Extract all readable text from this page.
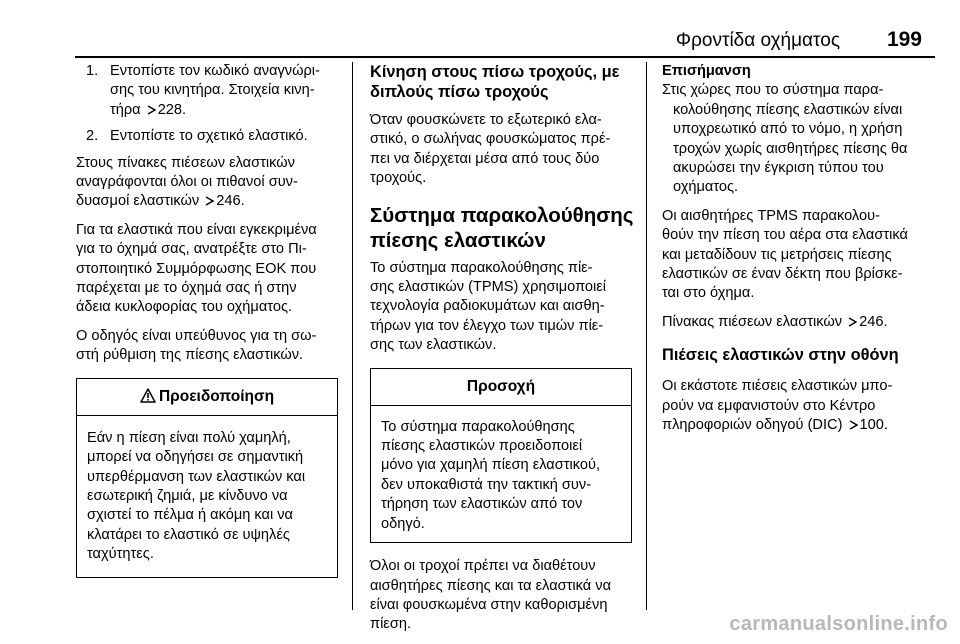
Φροντίδα οχήματος 199
1. Εντοπίστε τον κωδικό αναγνώρι-
σης του κινητήρα. Στοιχεία κινη-
τήρα 228.
2. Εντοπίστε το σχετικό ελαστικό.

Στους πίνακες πιέσεων ελαστικών
αναγράφονται όλοι οι πιθανοί συν-
δυασμοί ελαστικών 246.

Για τα ελαστικά που είναι εγκεκριμένα
για το όχημά σας, ανατρέξτε στο Πι-
στοποιητικό Συμμόρφωσης ΕΟΚ που
παρέχεται με το όχημά σας ή στην
άδεια κυκλοφορίας του οχήματος.

Ο οδηγός είναι υπεύθυνος για τη σω-
στή ρύθμιση της πίεσης ελαστικών.

Προειδοποίηση
Εάν η πίεση είναι πολύ χαμηλή,
μπορεί να οδηγήσει σε σημαντική
υπερθέρμανση των ελαστικών και
εσωτερική ζημιά, με κίνδυνο να
σχιστεί το πέλμα ή ακόμη και να
κλατάρει το ελαστικό σε υψηλές
ταχύτητες.
Κίνηση στους πίσω τροχούς, με
διπλούς πίσω τροχούς

Όταν φουσκώνετε το εξωτερικό ελα-
στικό, ο σωλήνας φουσκώματος πρέ-
πει να διέρχεται μέσα από τους δύο
τροχούς.

Σύστημα παρακολούθησης
πίεσης ελαστικών

Το σύστημα παρακολούθησης πίε-
σης ελαστικών (TPMS) χρησιμοποιεί
τεχνολογία ραδιοκυμάτων και αισθη-
τήρων για τον έλεγχο των τιμών πίε-
σης των ελαστικών.

Προσοχή
Το σύστημα παρακολούθησης
πίεσης ελαστικών προειδοποιεί
μόνο για χαμηλή πίεση ελαστικού,
δεν υποκαθιστά την τακτική συν-
τήρηση των ελαστικών από τον
οδηγό.

Όλοι οι τροχοί πρέπει να διαθέτουν
αισθητήρες πίεσης και τα ελαστικά να
είναι φουσκωμένα στην καθορισμένη
πίεση.

Επισήμανση
Στις χώρες που το σύστημα παρα-
κολούθησης πίεσης ελαστικών είναι
υποχρεωτικό από το νόμο, η χρήση
τροχών χωρίς αισθητήρες πίεσης θα
ακυρώσει την έγκριση τύπου του
οχήματος.

Οι αισθητήρες TPMS παρακολου-
θούν την πίεση του αέρα στα ελαστικά
και μεταδίδουν τις μετρήσεις πίεσης
ελαστικών σε έναν δέκτη που βρίσκε-
ται στο όχημα.

Πίνακας πιέσεων ελαστικών 246.

Πιέσεις ελαστικών στην οθόνη

Οι εκάστοτε πιέσεις ελαστικών μπο-
ρούν να εμφανιστούν στο Κέντρο
πληροφοριών οδηγού (DIC) 100.

carmanualsonline.info
